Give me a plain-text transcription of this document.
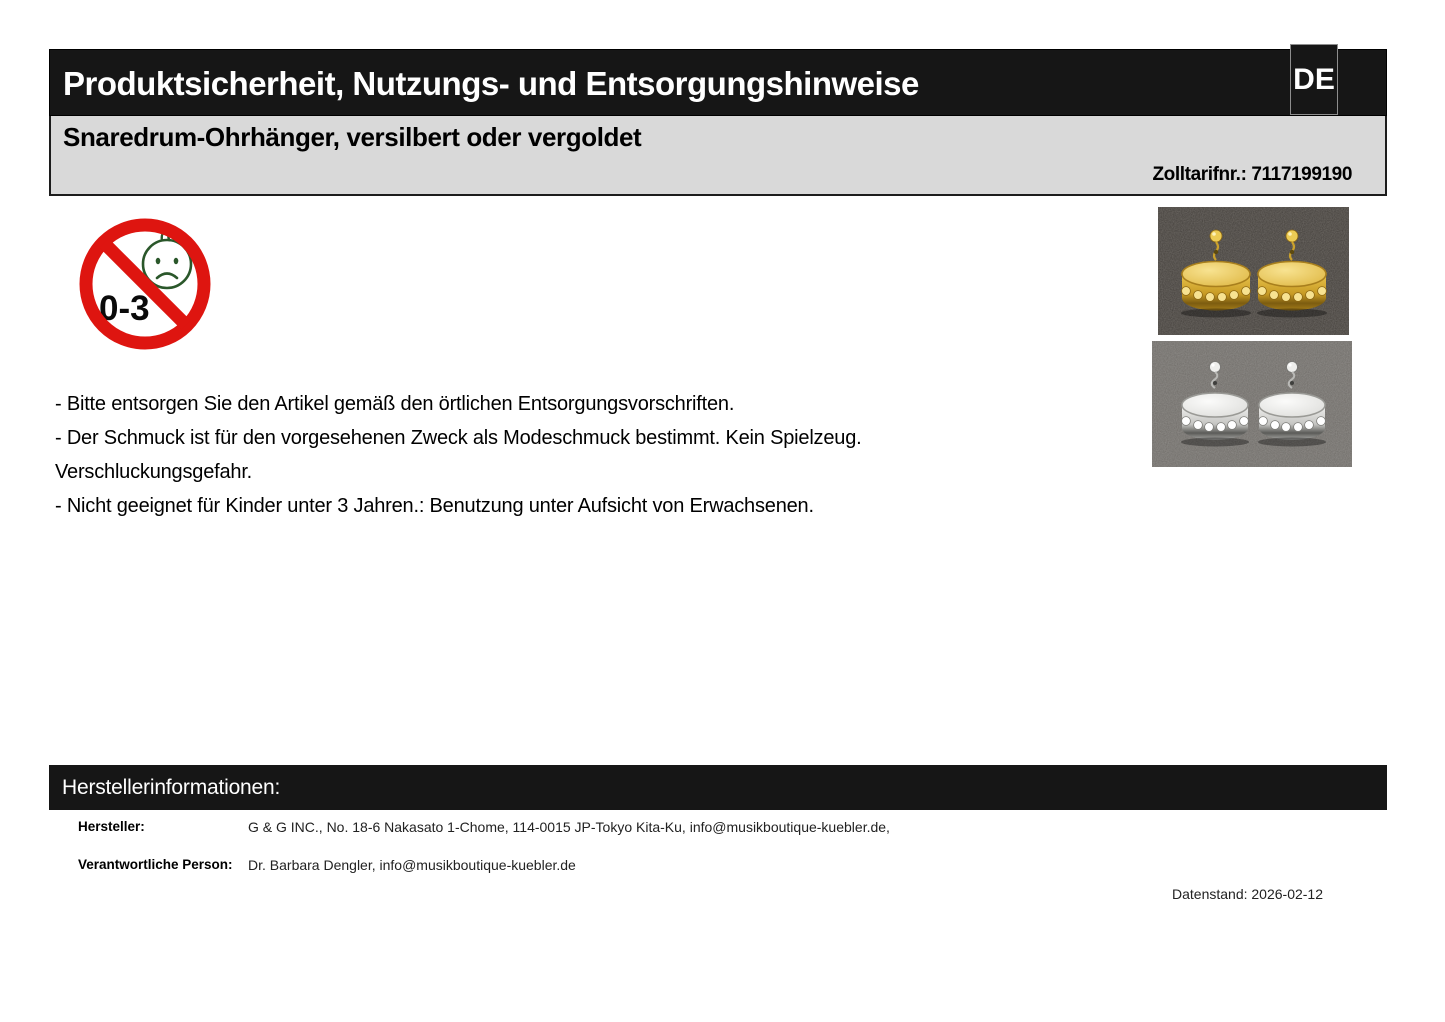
Produktsicherheit, Nutzungs- und Entsorgungshinweise	DE
Snaredrum-Ohrhänger, versilbert oder vergoldet
Zolltarifnr.: 7117199190
0-3
- Bitte entsorgen Sie den Artikel gemäß den örtlichen Entsorgungsvorschriften.
- Der Schmuck ist für den vorgesehenen Zweck als Modeschmuck bestimmt. Kein Spielzeug.
Verschluckungsgefahr.
- Nicht geeignet für Kinder unter 3 Jahren.: Benutzung unter Aufsicht von Erwachsenen.
Herstellerinformationen:
Hersteller:	G & G INC., No. 18-6 Nakasato 1-Chome, 114-0015 JP-Tokyo Kita-Ku, info@musikboutique-kuebler.de,
Verantwortliche Person: Dr. Barbara Dengler, info@musikboutique-kuebler.de
Datenstand: 2026-02-12
